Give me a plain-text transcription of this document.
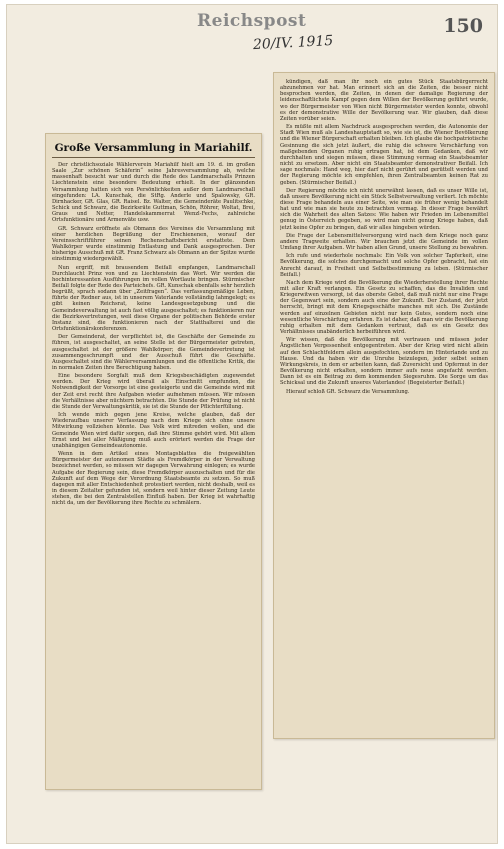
Reichspost	150
20/IV. 1915
Große Versammlung in Mariahilf.

Der christlichsoziale Wählerverein Mariahilf hielt am 19. d. im großen Saale „Zur schönen Schäferin“ seine Jahresversammlung ab, welche massenhaft besucht war und durch die Rede des Landmarschalls Prinzen Liechtenstein eine besondere Bedeutung erhielt. In der glänzenden Versammlung hatten sich von Persönlichkeiten außer dem Landmarschall eingefunden: LA. Kunschak, die StRg. Anderle und Spalowsky, GR. Dirnhacker, GR. Glas, GR. Raisel. Bz. Walter, die Gemeinderäte Paulitschke, Schick und Schwarz, die Bezirksräte Guttman, Schön, Röhrer, Woltat, Brei, Graus und Netter, Handelskammerrat Wenzl-Fechs, zahlreiche Ortsfunktionäre und Armenväte usw.

GR. Schwarz eröffnete als Obmann des Vereines die Versammlung mit einer herzlichen Begrüßung der Erschienenen, worauf der Vereinsschriftführer seinen Rechenschaftsbericht erstattete. Dem Wahlkörper wurde einstimmig Entlastung und Dank ausgesprochen. Der bisherige Ausschuß mit GR. Franz Schwarz als Obmann an der Spitze wurde einstimmig wiedergewählt.

Nun ergriff, mit brausendem Beifall empfangen, Landmarschall Durchlaucht Prinz von und zu Liechtenstein das Wort. Wir werden die hochinteressanten Ausführungen im vollen Wortlaute bringen. Stürmischer Beifall folgte der Rede des Parteichefs. GR. Kunschak ebenfalls sehr herzlich begrüßt, sprach sodann über „Zeitfragen“. Das verfassungsmäßige Leben, führte der Redner aus, ist in unserem Vaterlande vollständig lahmgelegt; es gibt keinen Reichsrat, keine Landesgesetzgebung und die Gemeindeverwaltung ist auch fast völlig ausgeschaltet; es funktionieren nur die Bezirksvertretungen, weil diese Organe der politischen Behörde erster Instanz sind, die funktionieren nach der Statthalterei und die Ortsfunktionärskonferenzen.

Der Gemeinderat, der verpflichtet ist, die Geschäfte der Gemeinde zu führen, ist ausgeschaltet, an seine Stelle ist der Bürgermeister getreten, ausgeschaltet ist der größere Wahlkörper; die Gemeindevertretung ist zusammengeschrumpft und der Ausschuß führt die Geschäfte. Ausgeschaltet sind die Wählerversammlungen und die öffentliche Kritik, die in normalen Zeiten ihre Berechtigung haben.

Eine besondere Sorgfalt muß dem Kriegsbeschädigten zugewendet werden. Der Krieg wird überall als Einschnitt empfunden, die Notwendigkeit der Vorsorge ist eine gesteigerte und die Gemeinde wird mit der Zeit erst recht ihre Aufgaben wieder aufnehmen müssen. Wir müssen die Verhältnisse aber nüchtern betrachten. Die Stunde der Prüfung ist nicht die Stunde der Verwaltungskritik, sie ist die Stunde der Pflichterfüllung.

Ich wende mich gegen jene Kreise, welche glauben, daß der Wiederaufbau unserer Verfassung nach dem Kriege sich ohne unsere Mitwirkung vollziehen könnte. Das Volk wird mitreden wollen, und die Gemeinde Wien wird dafür sorgen, daß ihre Stimme gehört wird. Mit allem Ernst und bei aller Mäßigung muß auch erörtert werden die Frage der unabhängigen Gemeindeautonomie.

Wenn in dem Artikel eines Montagsblattes die freigewählten Bürgermeister der autonomen Städte als Fremdkörper in der Verwaltung bezeichnet werden, so müssen wir dagegen Verwahrung einlegen; es wurde Aufgabe der Regierung sein, diese Fremdkörper auszuschalten und für die Zukunft auf dem Wege der Verordnung Staatsbeamte zu setzen. So muß dagegen mit aller Entschiedenheit protestiert werden, nicht deshalb, weil es in diesem Zeitalter gefunden ist, sondern weil hinter dieser Zeitung Leute stehen, die bei den Zentralstellen Einfluß haben. Der Krieg ist wahrhaftig nicht da, um der Bevölkerung ihre Rechte zu schmälern.

kündigen, daß man ihr noch ein gutes Stück Staatsbürgerrecht abzunehmen vor hat. Man erinnert sich an die Zeiten, die besser nicht besprochen werden, die Zeiten, in denen der damalige Regierung der leidenschaftlichste Kampf gegen dem Willen der Bevölkerung geführt wurde, wo der Bürgermeister von Wien nicht Bürgermeister werden konnte, obwohl es der demonstrative Wille der Bevölkerung war. Wir glauben, daß diese Zeiten vorüber seien.

Es müßte mit allem Nachdruck ausgesprochen werden, die Autonomie der Stadt Wien muß als Landeshauptstadt so, wie sie ist, die Wiener Bevölkerung und die Wiener Bürgerschaft erhalten bleiben. Ich glaube die hochpatriotische Gesinnung die sich jetzt äußert, die ruhig die schwere Verschärfung von maßgebenden Organen ruhig ertragen hat, ist dem Gedanken, daß wir durchhalten und siegen müssen, diese Stimmung vermag ein Staatsbeamter nicht zu ersetzen. Aber nicht ein Staatsbeamter demonstrativer Beifall. Ich sage nochmals: Hand weg, hier darf nicht gerührt und gerüttelt werden und der Regierung möchte ich empfehlen, ihren Zentralbeamten keinen Rat zu geben. (Stürmischer Beifall.)

Der Regierung möchte ich nicht unerwähnt lassen, daß es unser Wille ist, daß unsere Bevölkerung nicht ein Stück Selbstverwaltung verliert. Ich möchte diese Frage behandeln aus einer Seite, wie man sie früher wenig behandelt hat und wie man sie heute zu betrachten vermag. In dieser Frage bewährt sich die Wahrheit des alten Satzes: Wie haben wir Frieden im Lebensmittel genug in Österreich gegeben, so wird man nicht genug Kriege haben, daß jetzt keine Opfer zu bringen, daß wir alles hingeben würden.

Die Frage der Lebensmittelversorgung wird nach dem Kriege noch ganz andere Tragweite erhalten. Wir brauchen jetzt die Gemeinde im vollen Umfang ihrer Aufgaben. Wir haben allen Grund, unsere Stellung zu bewahren.

Ich rufe und wiederhole nochmals: Ein Volk von solcher Tapferkeit, eine Bevölkerung, die solches durchgemacht und solche Opfer gebracht, hat ein Anrecht darauf, in Freiheit und Selbstbestimmung zu leben. (Stürmischer Beifall.)

Nach dem Kriege wird die Bevölkerung die Wiederherstellung ihrer Rechte mit aller Kraft verlangen. Ein Gesetz zu schaffen, das die Invaliden und Kriegerwitwen versorgt, ist das oberste Gebot, daß muß nicht nur eine Frage der Gegenwart sein, sondern auch eine der Zukunft. Der Zustand, der jetzt herrscht, bringt mit dem Kriegsgeschäfte manches mit sich. Die Zustände werden auf einzelnen Gebieten nicht nur kein Gutes, sondern noch eine wesentliche Verschärfung erfahren. Es ist daher, daß man wir die Bevölkerung ruhig erhalten mit dem Gedanken vertraut, daß es ein Gesetz des Verhältnisses unabänderlich herbeiführen wird.

Wir wissen, daß die Bevölkerung mit vertrauen und müssen jeder Ängstlichen Vergessenheit entgegentreten. Aber der Krieg wird nicht allein auf den Schlachtfeldern allein ausgefochten, sondern im Hinterlande und zu Hause. Und da haben wir die Unruhe beizulegen, jeder selbst seinen Wirkungskreis, in dem er arbeiten kann, daß Zuversicht und Opfermut in der Bevölkerung nicht erkalten, sondern immer aufs neue angefacht werden. Dann ist es ein Beitrag zu dem kommenden Siegesruhm. Die Sorge um das Schicksal und die Zukunft unseres Vaterlandes! (Begeisterter Beifall.)

Hierauf schloß GR. Schwarz die Versammlung.
